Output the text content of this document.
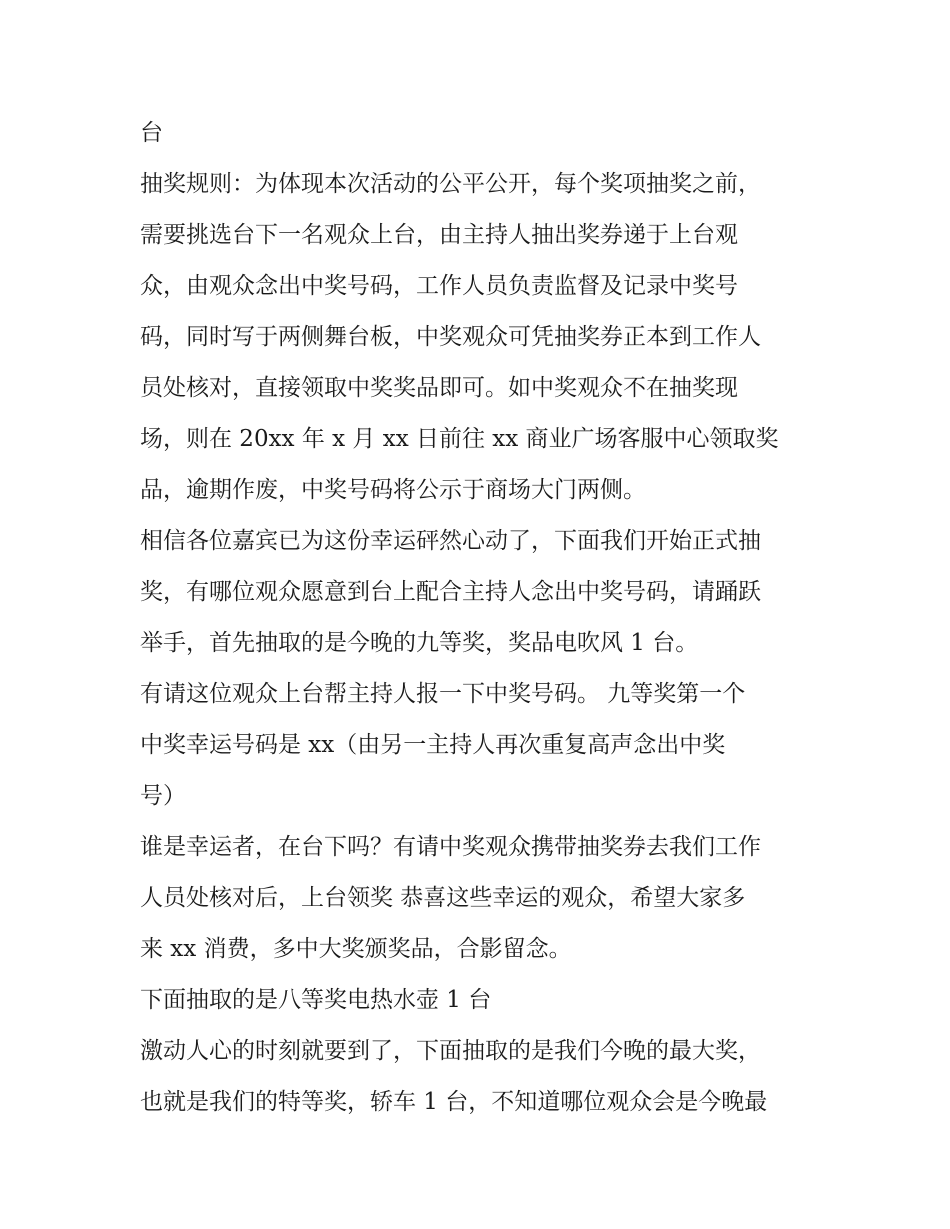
台
抽奖规则：为体现本次活动的公平公开，每个奖项抽奖之前，
需要挑选台下一名观众上台，由主持人抽出奖券递于上台观
众，由观众念出中奖号码，工作人员负责监督及记录中奖号
码，同时写于两侧舞台板，中奖观众可凭抽奖券正本到工作人
员处核对，直接领取中奖奖品即可。如中奖观众不在抽奖现
场，则在 20xx 年 x 月 xx 日前往 xx 商业广场客服中心领取奖
品，逾期作废，中奖号码将公示于商场大门两侧。
相信各位嘉宾已为这份幸运砰然心动了，下面我们开始正式抽
奖，有哪位观众愿意到台上配合主持人念出中奖号码，请踊跃
举手，首先抽取的是今晚的九等奖，奖品电吹风 1 台。
有请这位观众上台帮主持人报一下中奖号码。 九等奖第一个
中奖幸运号码是 xx（由另一主持人再次重复高声念出中奖
号）
谁是幸运者，在台下吗？有请中奖观众携带抽奖券去我们工作
人员处核对后，上台领奖 恭喜这些幸运的观众，希望大家多
来 xx 消费，多中大奖颁奖品，合影留念。
下面抽取的是八等奖电热水壶 1 台
激动人心的时刻就要到了，下面抽取的是我们今晚的最大奖，
也就是我们的特等奖，轿车 1 台，不知道哪位观众会是今晚最
